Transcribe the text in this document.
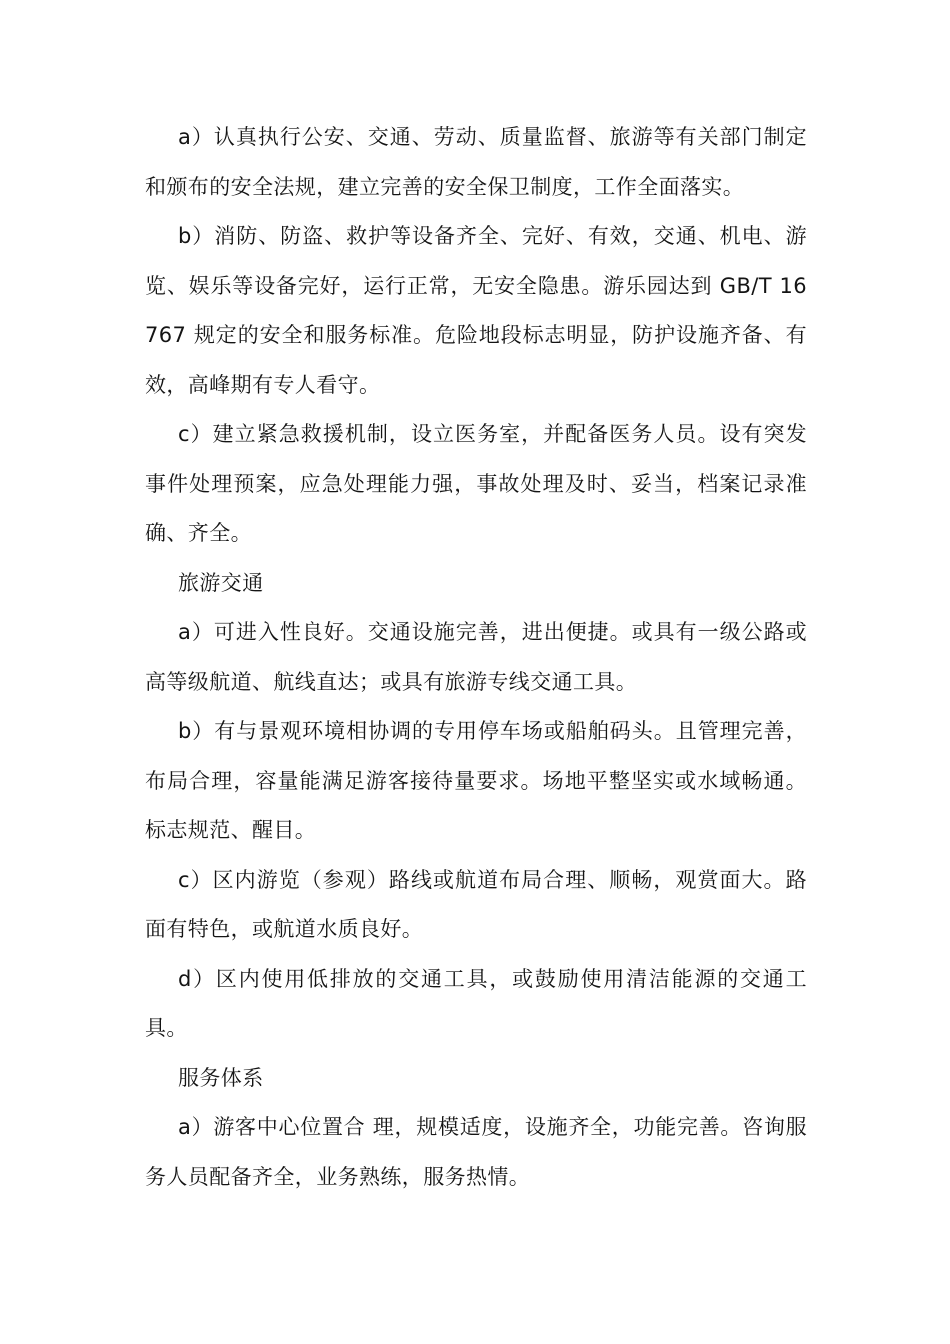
a）认真执行公安、交通、劳动、质量监督、旅游等有关部门制定和颁布的安全法规，建立完善的安全保卫制度，工作全面落实。

b）消防、防盗、救护等设备齐全、完好、有效，交通、机电、游览、娱乐等设备完好，运行正常，无安全隐患。游乐园达到 GB/T 16767 规定的安全和服务标准。危险地段标志明显，防护设施齐备、有效，高峰期有专人看守。

c）建立紧急救援机制，设立医务室，并配备医务人员。设有突发事件处理预案，应急处理能力强，事故处理及时、妥当，档案记录准确、齐全。

旅游交通

a）可进入性良好。交通设施完善，进出便捷。或具有一级公路或高等级航道、航线直达；或具有旅游专线交通工具。

b）有与景观环境相协调的专用停车场或船舶码头。且管理完善，布局合理，容量能满足游客接待量要求。场地平整坚实或水域畅通。标志规范、醒目。

c）区内游览（参观）路线或航道布局合理、顺畅，观赏面大。路面有特色，或航道水质良好。

d）区内使用低排放的交通工具，或鼓励使用清洁能源的交通工具。

服务体系

a）游客中心位置合 理，规模适度，设施齐全，功能完善。咨询服务人员配备齐全，业务熟练，服务热情。
